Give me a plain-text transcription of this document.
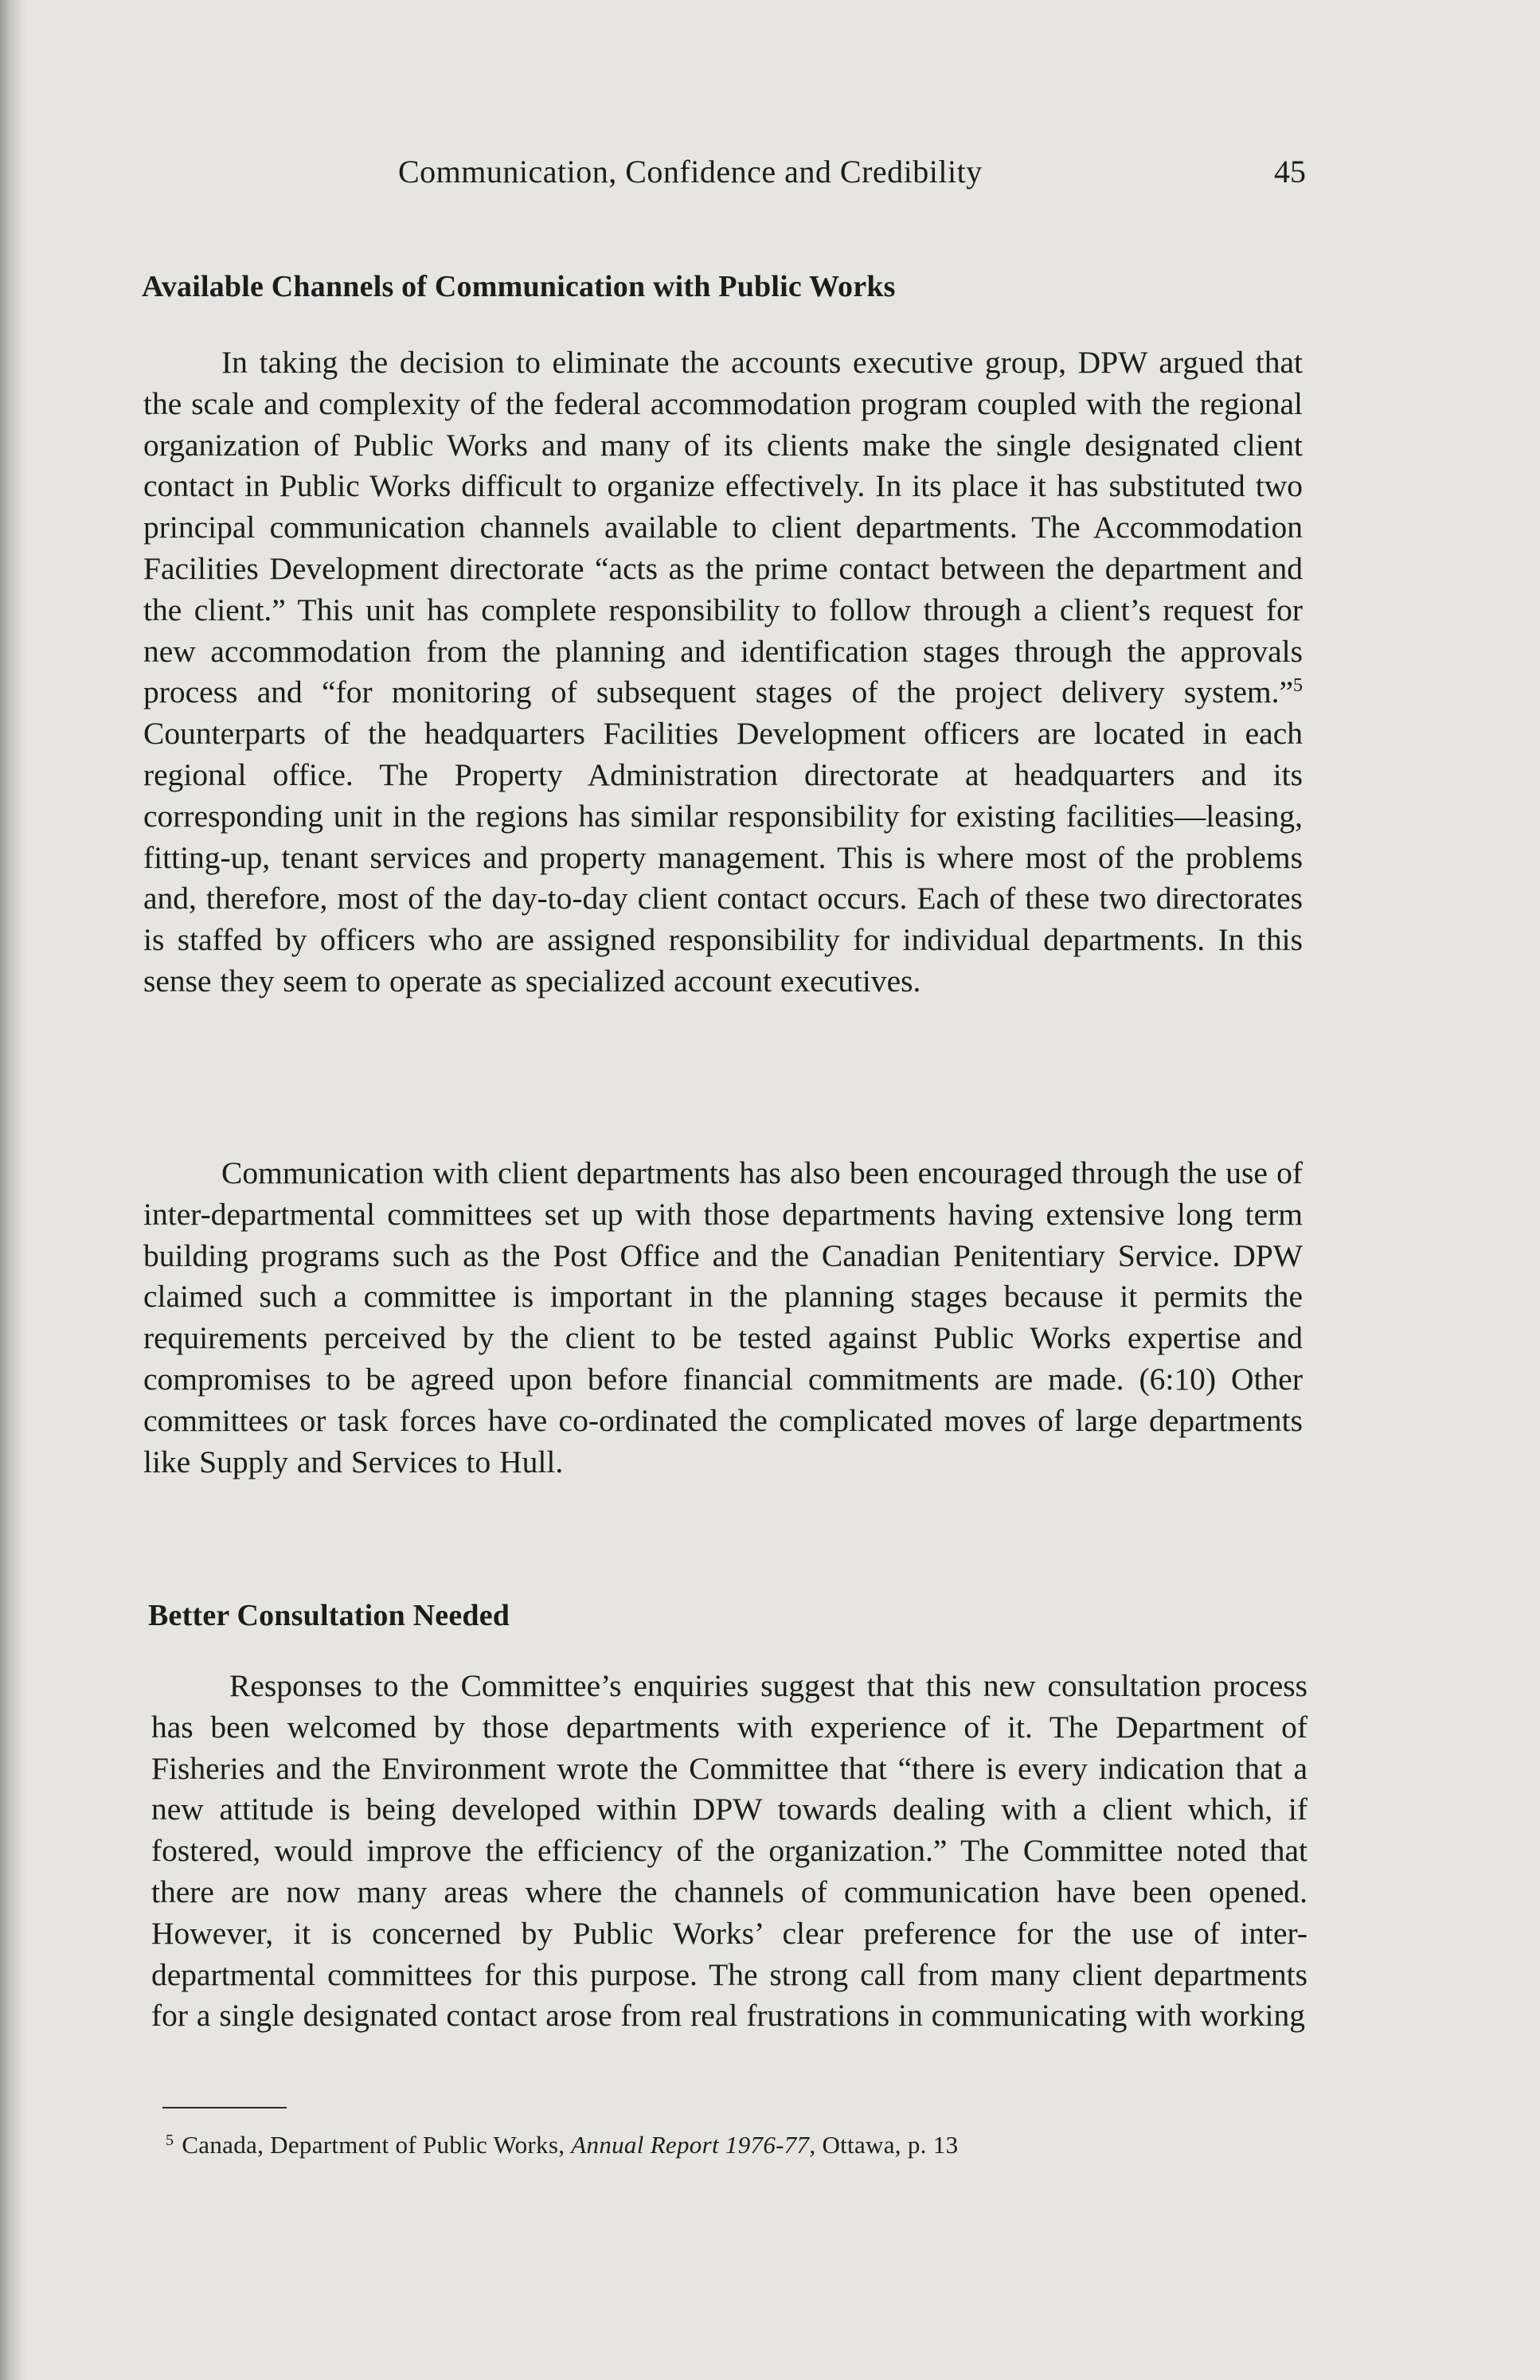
Communication, Confidence and Credibility	45
Available Channels of Communication with Public Works

In taking the decision to eliminate the accounts executive group, DPW argued that the scale and complexity of the federal accommodation program coupled with the regional organization of Public Works and many of its clients make the single designated client contact in Public Works difficult to organize effectively. In its place it has substituted two principal communication channels available to client departments. The Accommodation Facilities Development directorate “acts as the prime contact between the department and the client.” This unit has complete responsibility to follow through a client’s request for new accommodation from the planning and identification stages through the approvals process and “for monitoring of subsequent stages of the project delivery system.”$^5$ Counterparts of the headquarters Facilities Development officers are located in each regional office. The Property Administration directorate at headquarters and its corresponding unit in the regions has similar responsibility for existing facilities—leasing, fitting-up, tenant services and property management. This is where most of the problems and, therefore, most of the day-to-day client contact occurs. Each of these two directorates is staffed by officers who are assigned responsibility for individual departments. In this sense they seem to operate as specialized account executives.

Communication with client departments has also been encouraged through the use of inter-departmental committees set up with those departments having extensive long term building programs such as the Post Office and the Canadian Penitentiary Service. DPW claimed such a committee is important in the planning stages because it permits the requirements perceived by the client to be tested against Public Works expertise and compromises to be agreed upon before financial commitments are made. (6:10) Other committees or task forces have co-ordinated the complicated moves of large departments like Supply and Services to Hull.

Better Consultation Needed

Responses to the Committee’s enquiries suggest that this new consultation process has been welcomed by those departments with experience of it. The Department of Fisheries and the Environment wrote the Committee that “there is every indication that a new attitude is being developed within DPW towards dealing with a client which, if fostered, would improve the efficiency of the organization.” The Committee noted that there are now many areas where the channels of communication have been opened. However, it is concerned by Public Works’ clear preference for the use of inter-departmental committees for this purpose. The strong call from many client departments for a single designated contact arose from real frustrations in communicating with working

$^5$ Canada, Department of Public Works, Annual Report 1976-77, Ottawa, p. 13
